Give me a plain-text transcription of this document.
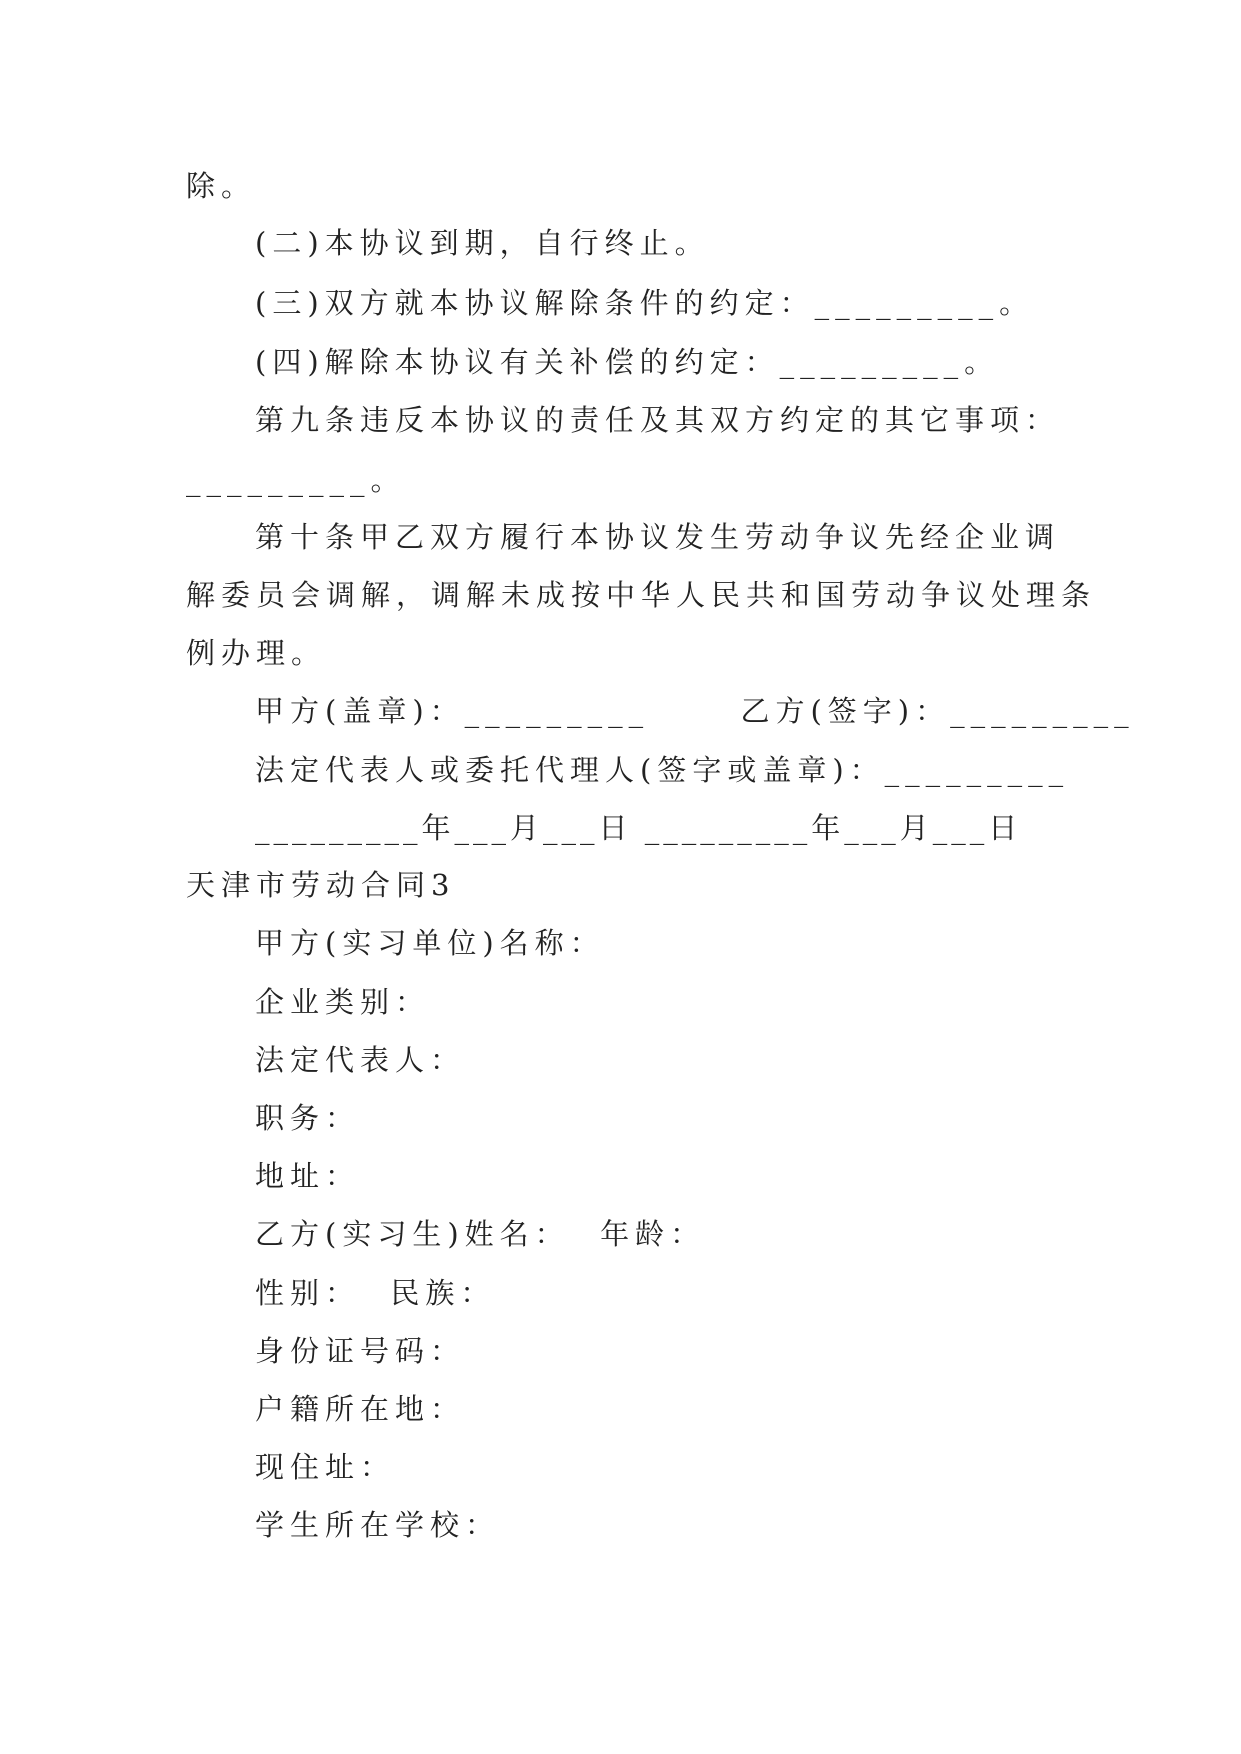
除。
(二)本协议到期，自行终止。
(三)双方就本协议解除条件的约定：_________。
(四)解除本协议有关补偿的约定：_________。
第九条违反本协议的责任及其双方约定的其它事项：
_________。
第十条甲乙双方履行本协议发生劳动争议先经企业调
解委员会调解，调解未成按中华人民共和国劳动争议处理条
例办理。
甲方(盖章)：_________      乙方(签字)：_________
法定代表人或委托代理人(签字或盖章)：_________
_________年___月___日 _________年___月___日
天津市劳动合同3
甲方(实习单位)名称：
企业类别：
法定代表人：
职务：
地址：
乙方(实习生)姓名：  年龄：
性别：  民族：
身份证号码：
户籍所在地：
现住址：
学生所在学校：
